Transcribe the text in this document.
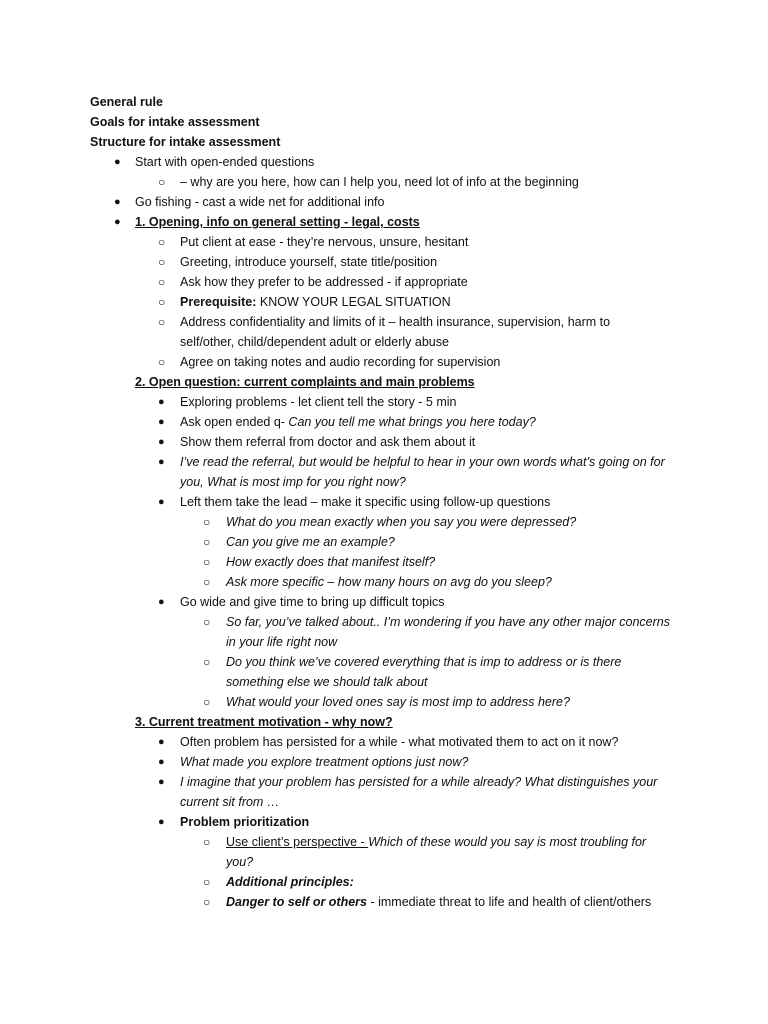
General rule
Goals for intake assessment
Structure for intake assessment
● Start with open-ended questions
○ – why are you here, how can I help you, need lot of info at the beginning
● Go fishing - cast a wide net for additional info
● 1. Opening, info on general setting - legal, costs
○ Put client at ease - they’re nervous, unsure, hesitant
○ Greeting, introduce yourself, state title/position
○ Ask how they prefer to be addressed - if appropriate
○ Prerequisite: KNOW YOUR LEGAL SITUATION
○ Address confidentiality and limits of it – health insurance, supervision, harm to
self/other, child/dependent adult or elderly abuse
○ Agree on taking notes and audio recording for supervision
2. Open question: current complaints and main problems
● Exploring problems - let client tell the story - 5 min
● Ask open ended q- Can you tell me what brings you here today?
● Show them referral from doctor and ask them about it
● I’ve read the referral, but would be helpful to hear in your own words what’s going on for
you, What is most imp for you right now?
● Left them take the lead – make it specific using follow-up questions
○ What do you mean exactly when you say you were depressed?
○ Can you give me an example?
○ How exactly does that manifest itself?
○ Ask more specific – how many hours on avg do you sleep?
● Go wide and give time to bring up difficult topics
○ So far, you’ve talked about.. I’m wondering if you have any other major concerns
in your life right now
○ Do you think we’ve covered everything that is imp to address or is there
something else we should talk about
○ What would your loved ones say is most imp to address here?
3. Current treatment motivation - why now?
● Often problem has persisted for a while - what motivated them to act on it now?
● What made you explore treatment options just now?
● I imagine that your problem has persisted for a while already? What distinguishes your
current sit from …
● Problem prioritization
○ Use client’s perspective - Which of these would you say is most troubling for
you?
○ Additional principles:
○ Danger to self or others - immediate threat to life and health of client/others
